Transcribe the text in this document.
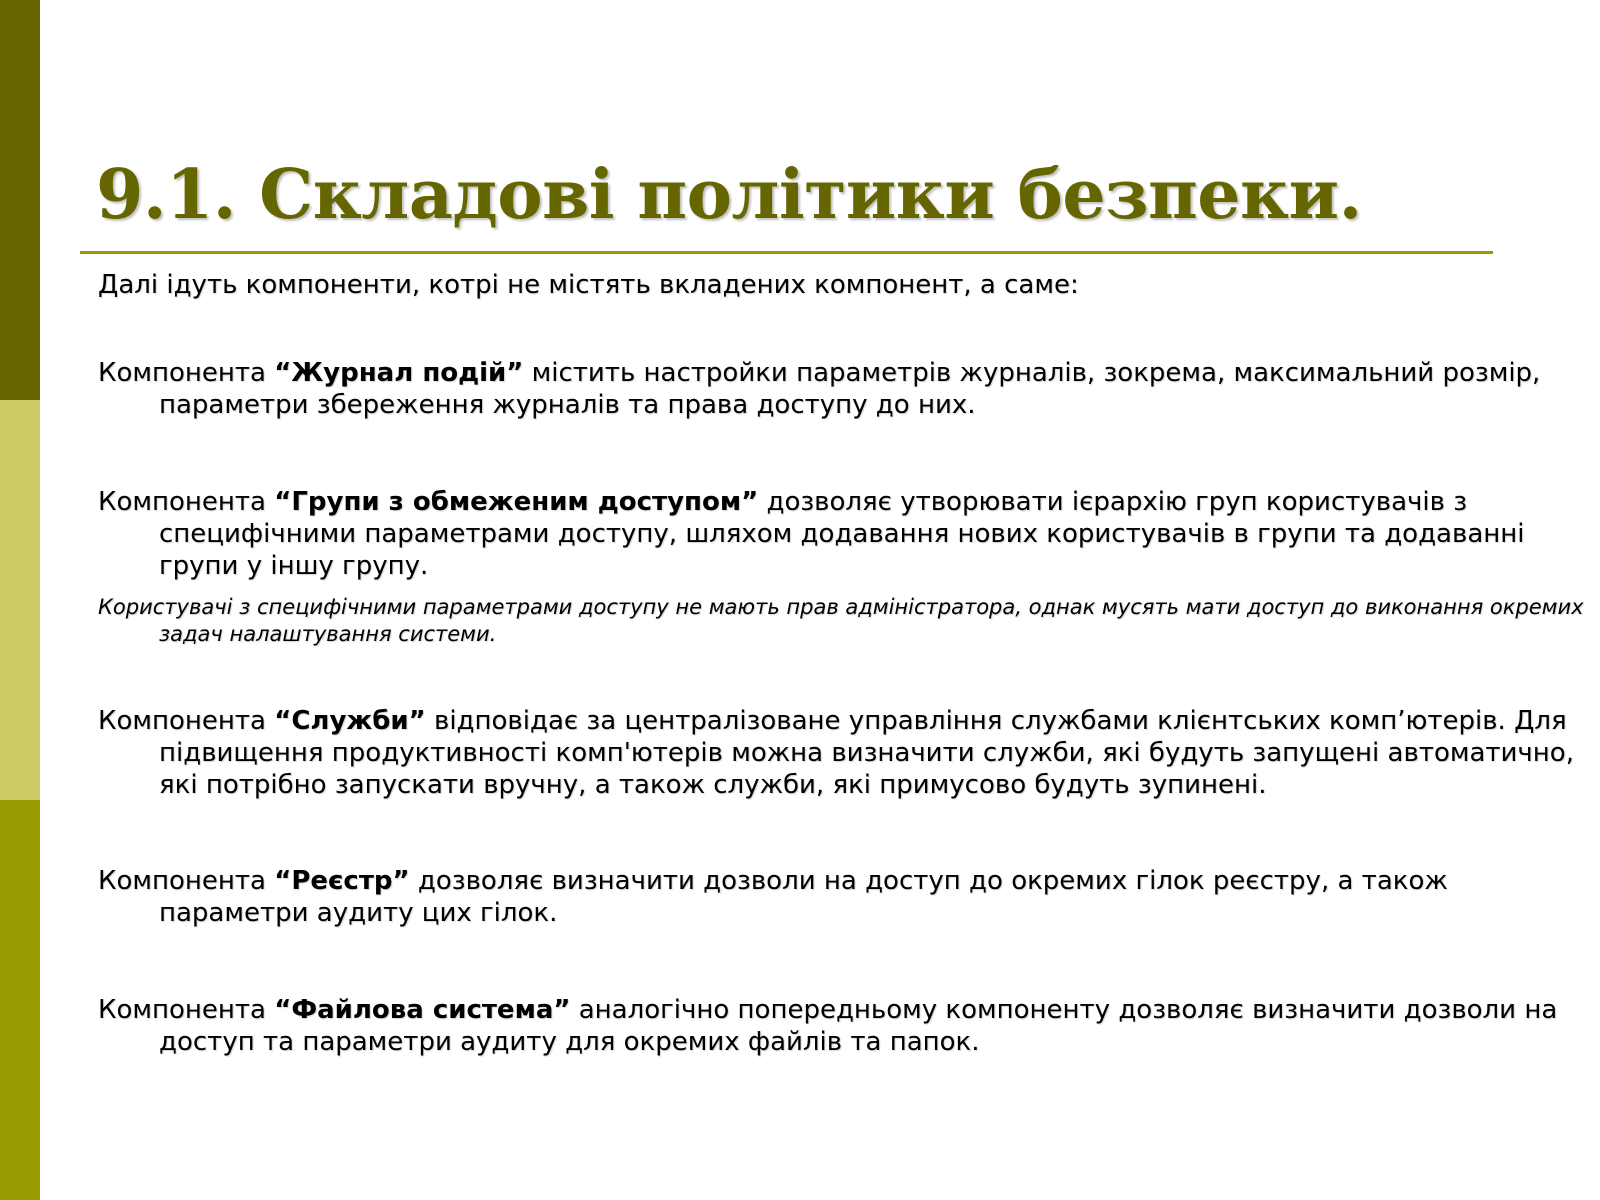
9.1. Складові політики безпеки.

Далі ідуть компоненти, котрі не містять вкладених компонент, а саме:

Компонента “Журнал подій” містить настройки параметрів журналів, зокрема, максимальний розмір, параметри збереження журналів та права доступу до них.

Компонента “Групи з обмеженим доступом” дозволяє утворювати ієрархію груп користувачів з специфічними параметрами доступу, шляхом додавання нових користувачів в групи та додаванні групи у іншу групу.

Користувачі з специфічними параметрами доступу не мають прав адміністратора, однак мусять мати доступ до виконання окремих задач налаштування системи.

Компонента “Служби” відповідає за централізоване управління службами клієнтських комп’ютерів. Для підвищення продуктивності комп'ютерів можна визначити служби, які будуть запущені автоматично, які потрібно запускати вручну, а також служби, які примусово будуть зупинені.

Компонента “Реєстр” дозволяє визначити дозволи на доступ до окремих гілок реєстру, а також параметри аудиту цих гілок.

Компонента “Файлова система” аналогічно попередньому компоненту дозволяє визначити дозволи на доступ та параметри аудиту для окремих файлів та папок.
